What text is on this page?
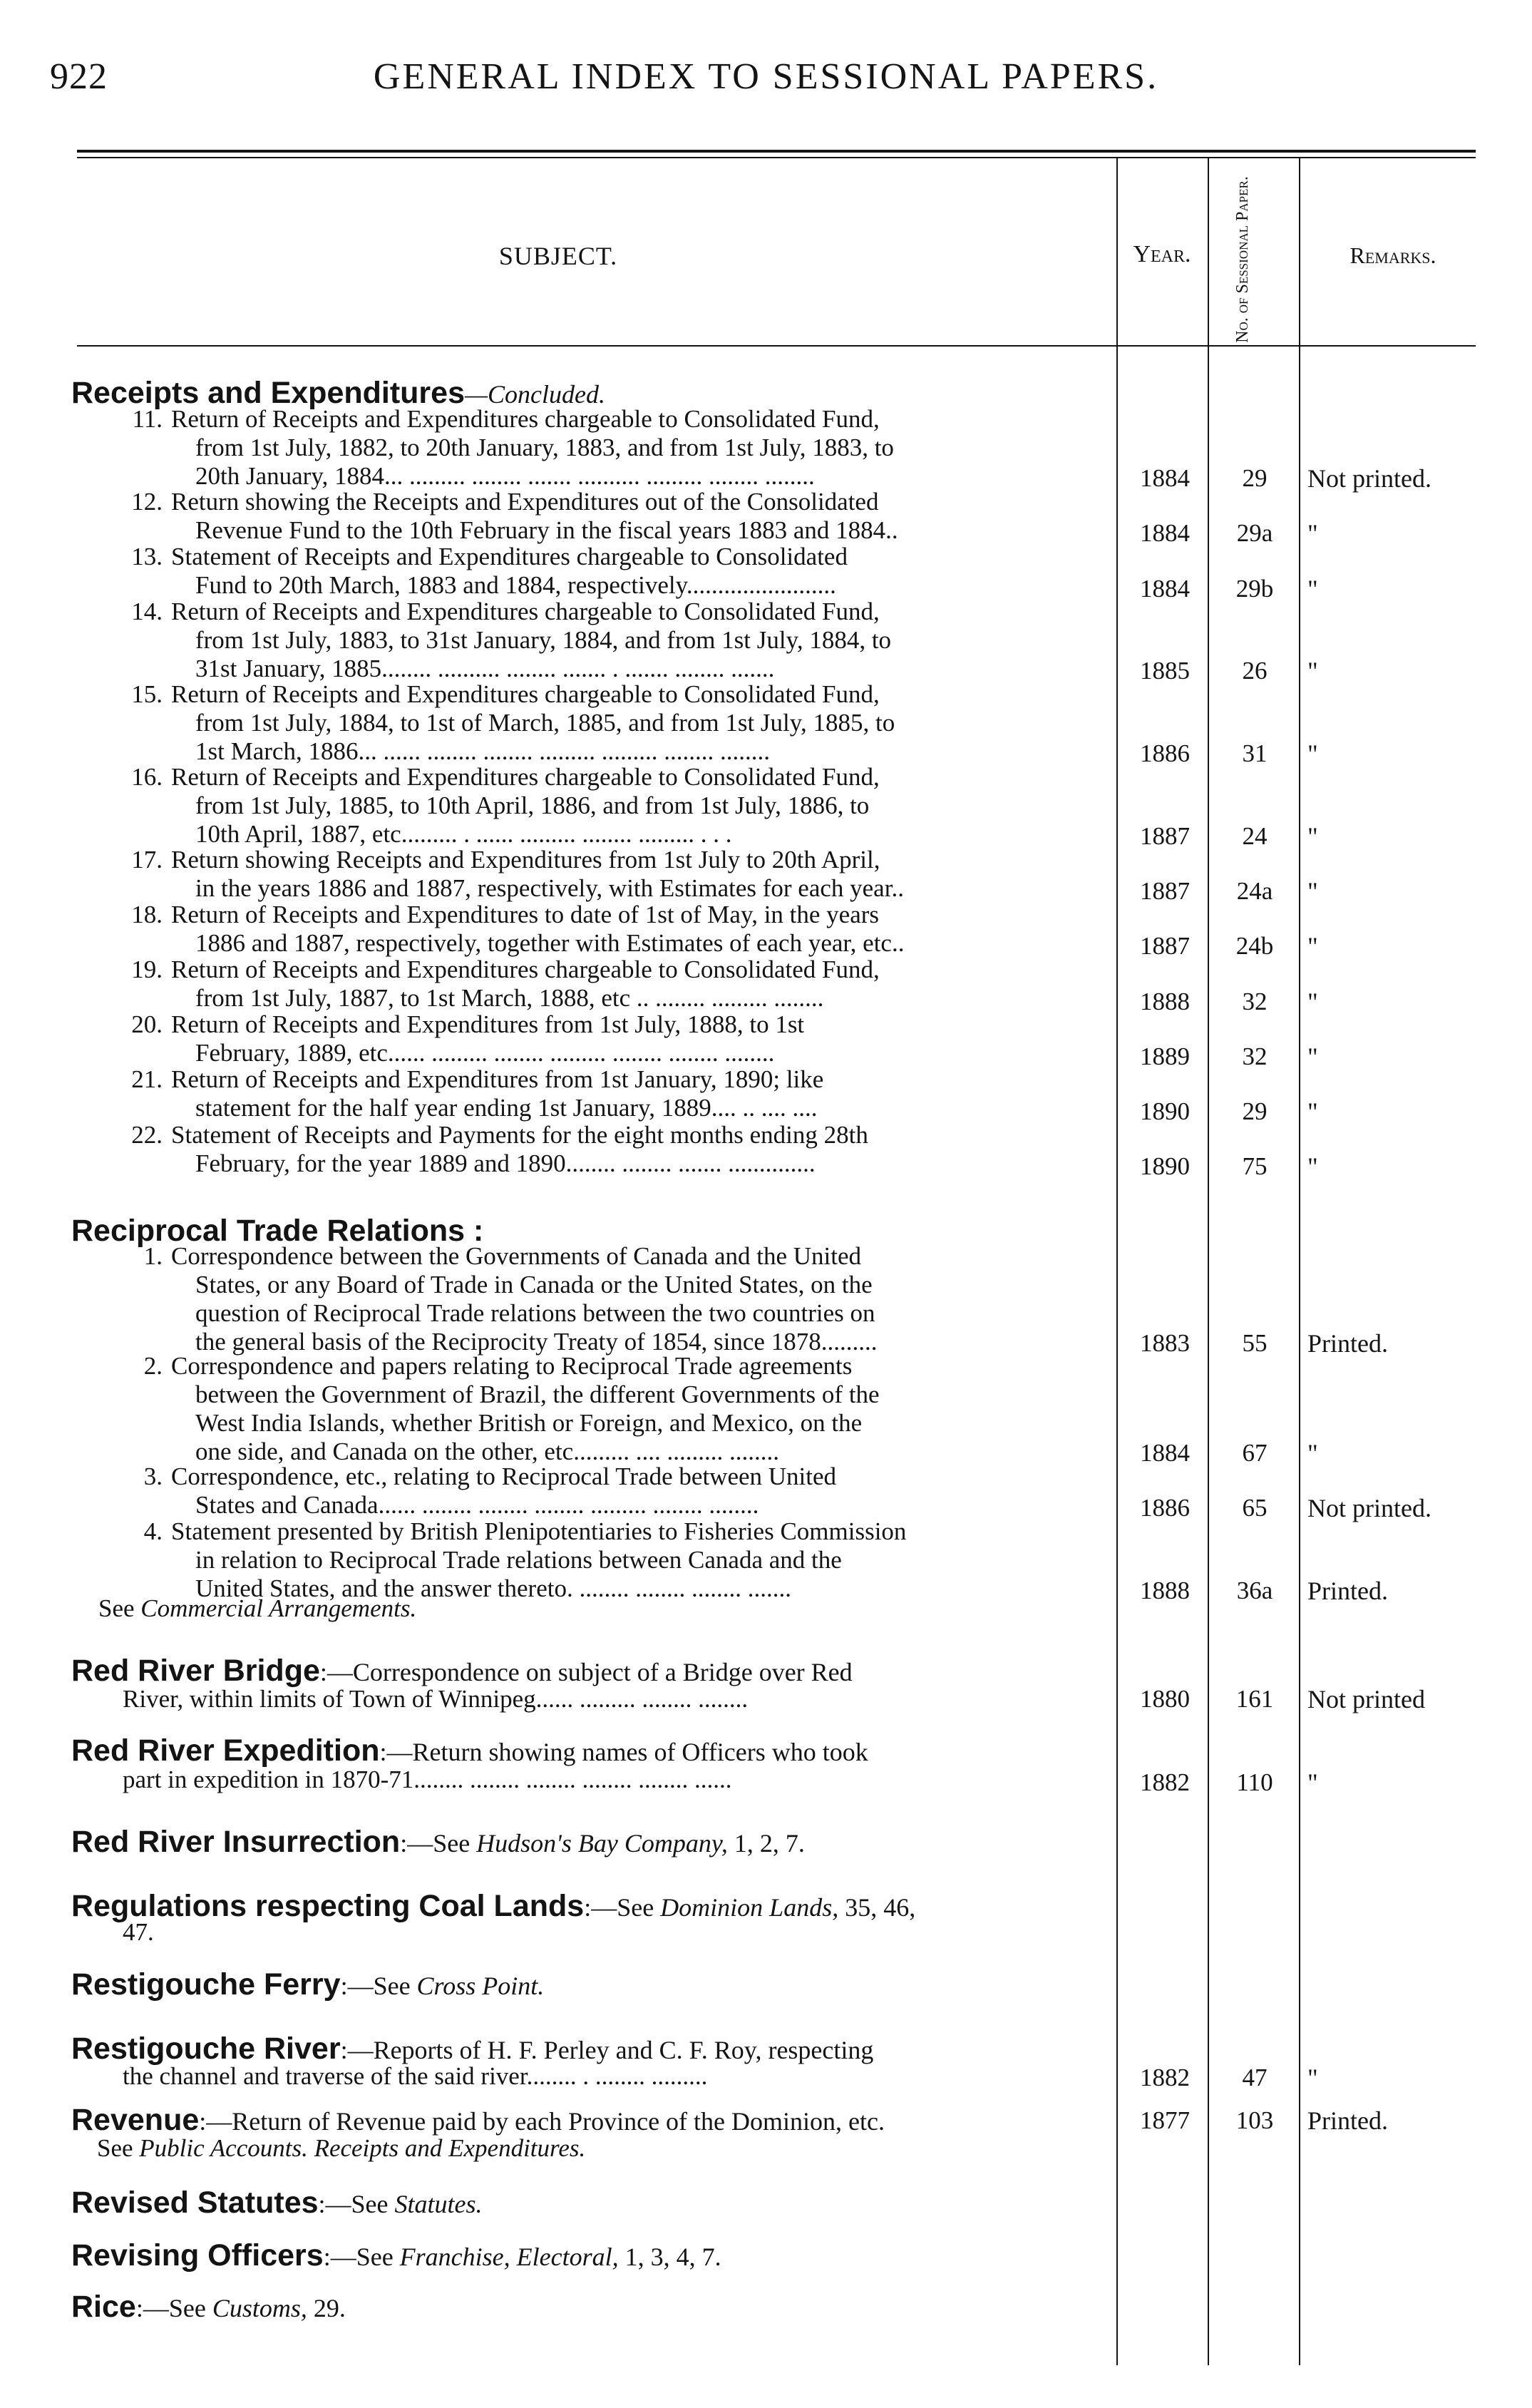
922	GENERAL INDEX TO SESSIONAL PAPERS.
SUBJECT.	Year.	No. of Sessional Paper.	Remarks.
Receipts and Expenditures—Concluded.
11. Return of Receipts and Expenditures chargeable to Consolidated Fund,
from 1st July, 1882, to 20th January, 1883, and from 1st July, 1883, to
20th January, 1884... ......... ........ ....... .......... ......... ........ ........	1884	29	Not printed.
12. Return showing the Receipts and Expenditures out of the Consolidated
Revenue Fund to the 10th February in the fiscal years 1883 and 1884..	1884	29a	"
13. Statement of Receipts and Expenditures chargeable to Consolidated
Fund to 20th March, 1883 and 1884, respectively........................	1884	29b	"
14. Return of Receipts and Expenditures chargeable to Consolidated Fund,
from 1st July, 1883, to 31st January, 1884, and from 1st July, 1884, to
31st January, 1885........ .......... ........ ....... . ....... ........ .......	1885	26	"
15. Return of Receipts and Expenditures chargeable to Consolidated Fund,
from 1st July, 1884, to 1st of March, 1885, and from 1st July, 1885, to
1st March, 1886... ...... ........ ........ ......... ......... ........ ........	1886	31	"
16. Return of Receipts and Expenditures chargeable to Consolidated Fund,
from 1st July, 1885, to 10th April, 1886, and from 1st July, 1886, to
10th April, 1887, etc......... . ...... ......... ........ ......... . . .	1887	24	"
17. Return showing Receipts and Expenditures from 1st July to 20th April,
in the years 1886 and 1887, respectively, with Estimates for each year..	1887	24a	"
18. Return of Receipts and Expenditures to date of 1st of May, in the years
1886 and 1887, respectively, together with Estimates of each year, etc..	1887	24b	"
19. Return of Receipts and Expenditures chargeable to Consolidated Fund,
from 1st July, 1887, to 1st March, 1888, etc .. ........ ......... ........	1888	32	"
20. Return of Receipts and Expenditures from 1st July, 1888, to 1st
February, 1889, etc...... ......... ........ ......... ........ ........ ........	1889	32	"
21. Return of Receipts and Expenditures from 1st January, 1890; like
statement for the half year ending 1st January, 1889.... .. .... ....	1890	29	"
22. Statement of Receipts and Payments for the eight months ending 28th
February, for the year 1889 and 1890........ ........ ....... ..............	1890	75	"
Reciprocal Trade Relations :
1. Correspondence between the Governments of Canada and the United
States, or any Board of Trade in Canada or the United States, on the
question of Reciprocal Trade relations between the two countries on
the general basis of the Reciprocity Treaty of 1854, since 1878.........	1883	55	Printed.
2. Correspondence and papers relating to Reciprocal Trade agreements
between the Government of Brazil, the different Governments of the
West India Islands, whether British or Foreign, and Mexico, on the
one side, and Canada on the other, etc......... .... ......... ........	1884	67	"
3. Correspondence, etc., relating to Reciprocal Trade between United
States and Canada...... ........ ........ ........ ......... ........ ........	1886	65	Not printed.
4. Statement presented by British Plenipotentiaries to Fisheries Commission
in relation to Reciprocal Trade relations between Canada and the
United States, and the answer thereto. ........ ........ ........ .......	1888	36a	Printed.
See Commercial Arrangements.
Red River Bridge:—Correspondence on subject of a Bridge over Red
River, within limits of Town of Winnipeg...... ......... ........ ........	1880	161	Not printed
Red River Expedition:—Return showing names of Officers who took
part in expedition in 1870-71........ ........ ........ ........ ........ ......	1882	110	"
Red River Insurrection:—See Hudson's Bay Company, 1, 2, 7.
Regulations respecting Coal Lands:—See Dominion Lands, 35, 46,
47.
Restigouche Ferry:—See Cross Point.
Restigouche River:—Reports of H. F. Perley and C. F. Roy, respecting
the channel and traverse of the said river........ . ........ .........	1882	47	"
Revenue:—Return of Revenue paid by each Province of the Dominion, etc.
See Public Accounts. Receipts and Expenditures.
1877	103	Printed.
Revised Statutes:—See Statutes.
Revising Officers:—See Franchise, Electoral, 1, 3, 4, 7.
Rice:—See Customs, 29.
